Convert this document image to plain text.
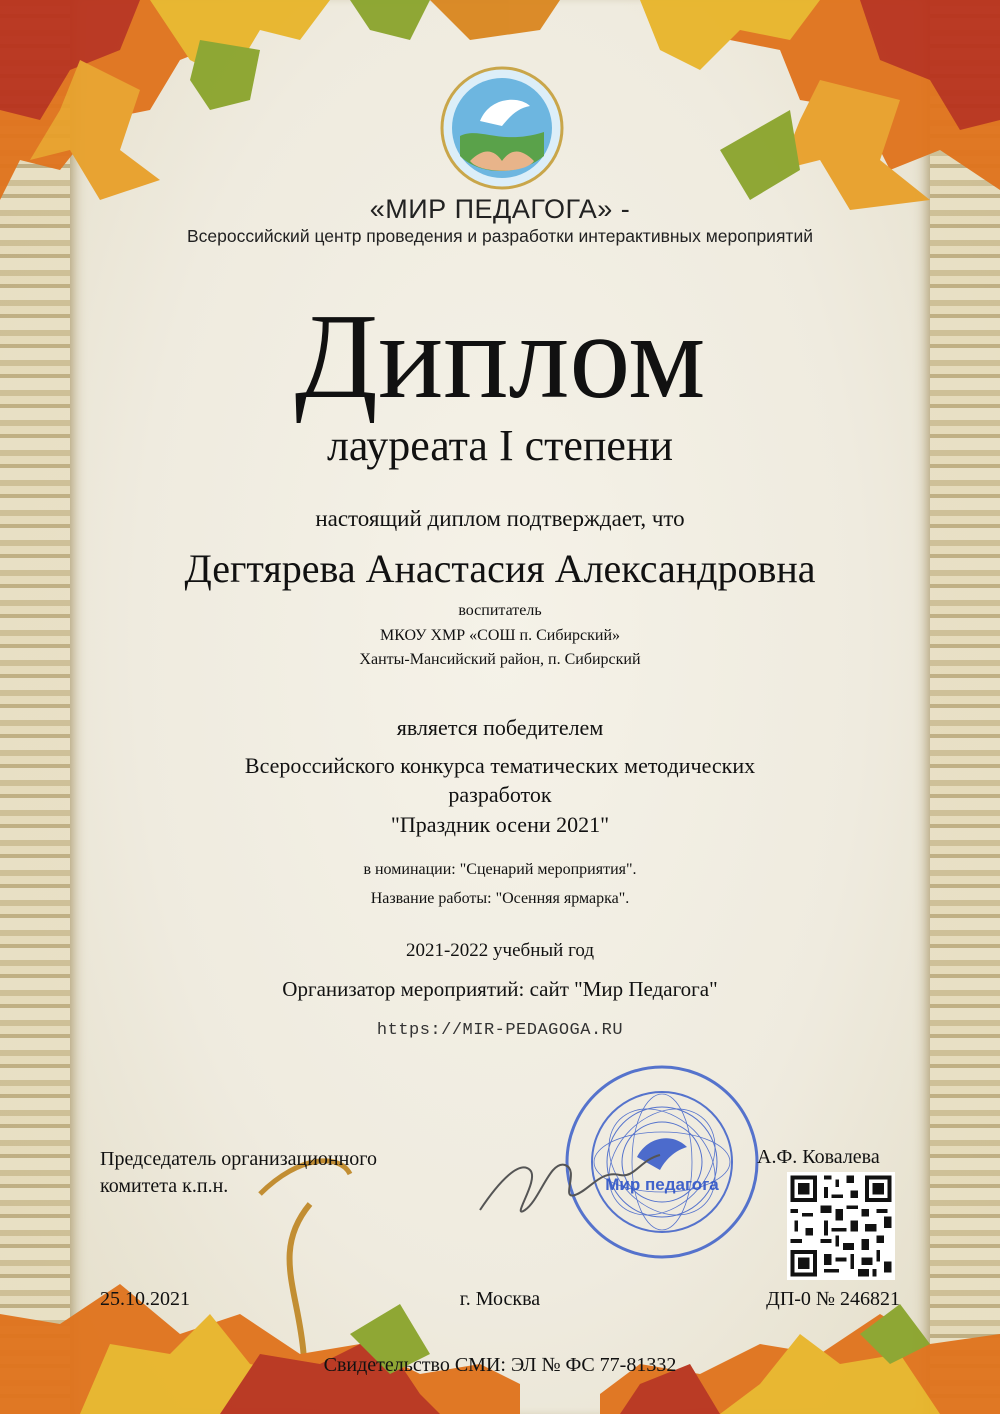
«МИР ПЕДАГОГА» -
Всероссийский центр проведения и разработки интерактивных мероприятий
Диплом
лауреата I степени
настоящий диплом подтверждает, что
Дегтярева Анастасия Александровна
воспитатель
МКОУ ХМР «СОШ п. Сибирский»
Ханты-Мансийский район, п. Сибирский
является победителем
Всероссийского конкурса тематических методических
разработок
"Праздник осени 2021"
в номинации: "Сценарий мероприятия".
Название работы: "Осенняя ярмарка".
2021-2022 учебный год
Организатор мероприятий: сайт "Мир Педагога"
https://MIR-PEDAGOGA.RU
Мир педагога
Председатель организационного
комитета к.п.н.
А.Ф. Ковалева
25.10.2021	г. Москва	ДП-0 № 246821
Свидетельство СМИ: ЭЛ № ФС 77-81332
